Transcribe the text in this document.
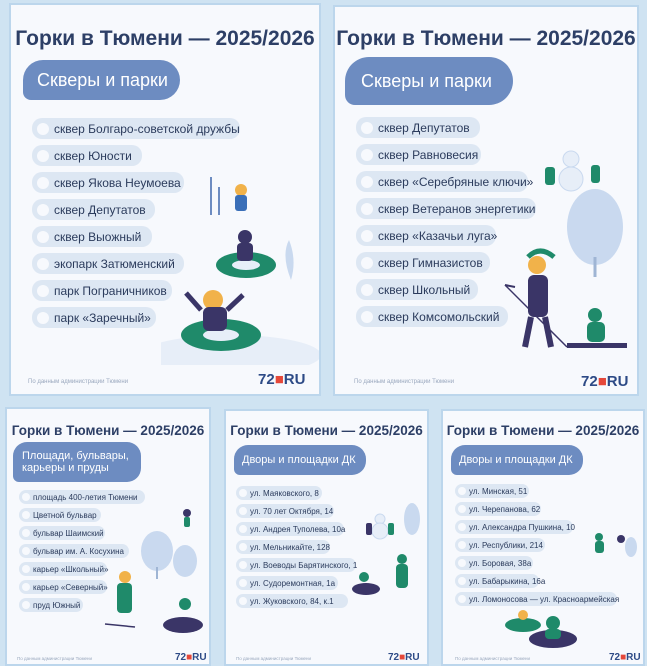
Горки в Тюмени — 2025/2026
Скверы и парки
сквер Болгаро-советской дружбы
сквер Юности
сквер Якова Неумоева
сквер Депутатов
сквер Выожный
экопарк Затюменский
парк Пограничников
парк «Заречный»
По данным администрации Тюмени	72■RU
Горки в Тюмени — 2025/2026
Скверы и парки
сквер Депутатов
сквер Равновесия
сквер «Серебряные ключи»
сквер Ветеранов энергетики
сквер «Казачьи луга»
сквер Гимназистов
сквер Школьный
сквер Комсомольский
По данным администрации Тюмени	72■RU
Горки в Тюмени — 2025/2026
Площади, бульвары,
карьеры и пруды
площадь 400-летия Тюмени
Цветной бульвар
бульвар Шаимский
бульвар им. А. Косухина
карьер «Школьный»
карьер «Северный»
пруд Южный
По данным администрации Тюмени	72■RU
Горки в Тюмени — 2025/2026
Дворы и площадки ДК
ул. Маяковского, 8
ул. 70 лет Октября, 14
ул. Андрея Туполева, 10а
ул. Мельникайте, 128
ул. Воеводы Барятинского, 1
ул. Судоремонтная, 1а
ул. Жуковского, 84, к.1
По данным администрации Тюмени	72■RU
Горки в Тюмени — 2025/2026
Дворы и площадки ДК
ул. Минская, 51
ул. Черепанова, 62
ул. Александра Пушкина, 10
ул. Республики, 214
ул. Боровая, 38а
ул. Бабарыкина, 16а
ул. Ломоносова — ул. Красноармейская
По данным администрации Тюмени	72■RU
